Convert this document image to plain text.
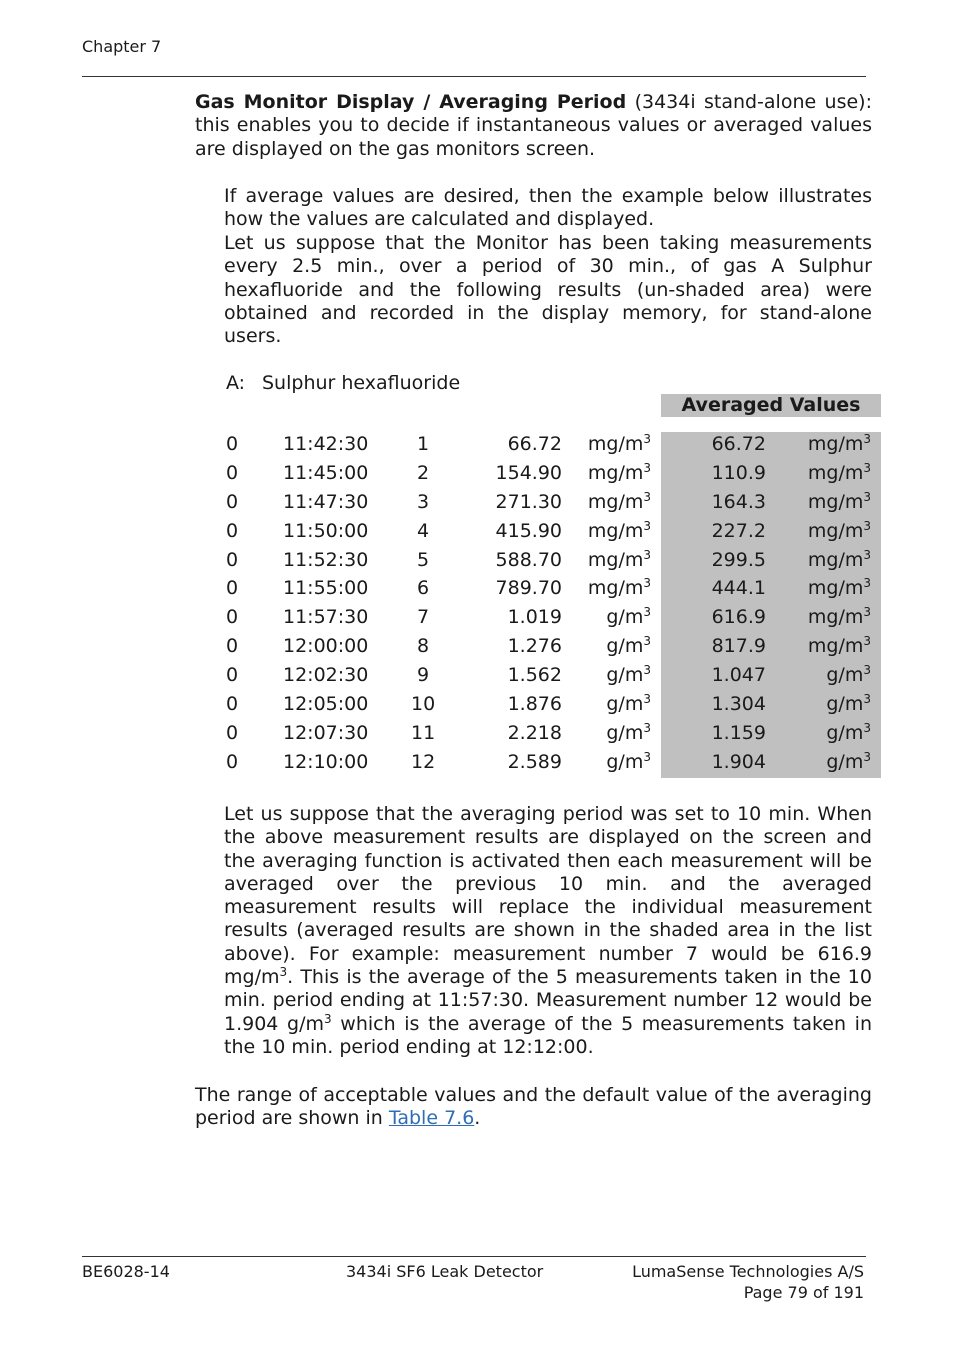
Chapter 7

Gas Monitor Display / Averaging Period (3434i stand-alone use): this enables you to decide if instantaneous values or averaged values are displayed on the gas monitors screen.

If average values are desired, then the example below illustrates how the values are calculated and displayed.

Let us suppose that the Monitor has been taking measurements every 2.5 min., over a period of 30 min., of gas A Sulphur hexafluoride and the following results (un-shaded area) were obtained and recorded in the display memory, for stand-alone users.

A: Sulphur hexafluoride
Averaged Values
0 11:42:30	1	66.72 $mg/m^3$	66.72 $mg/m^3$
0 11:45:00	2	154.90 $mg/m^3$	110.9 $mg/m^3$
0 11:47:30	3	271.30 $mg/m^3$	164.3 $mg/m^3$
0 11:50:00	4	415.90 $mg/m^3$	227.2 $mg/m^3$
0 11:52:30	5	588.70 $mg/m^3$	299.5 $mg/m^3$
0 11:55:00	6	789.70 $mg/m^3$	444.1 $mg/m^3$
0 11:57:30	7	1.019 $g/m^3$	616.9 $mg/m^3$
0 12:00:00	8	1.276 $g/m^3$	817.9 $mg/m^3$
0 12:02:30	9	1.562 $g/m^3$	1.047	$g/m^3$
0 12:05:00 10	1.876 $g/m^3$	1.304	$g/m^3$
0 12:07:30 11	2.218 $g/m^3$	1.159	$g/m^3$
0 12:10:00 12	2.589 $g/m^3$	1.904	$g/m^3$

Let us suppose that the averaging period was set to 10 min. When the above measurement results are displayed on the screen and the averaging function is activated then each measurement will be averaged over the previous 10 min. and the averaged measurement results will replace the individual measurement results (averaged results are shown in the shaded area in the list above). For example: measurement number 7 would be 616.9 $mg/m^3$. This is the average of the 5 measurements taken in the 10 min. period ending at 11:57:30. Measurement number 12 would be 1.904 $g/m^3$ which is the average of the 5 measurements taken in the 10 min. period ending at 12:12:00.

The range of acceptable values and the default value of the averaging period are shown in Table 7.6.

BE6028-14	3434i SF6 Leak Detector	LumaSense Technologies A/S
Page 79 of 191
